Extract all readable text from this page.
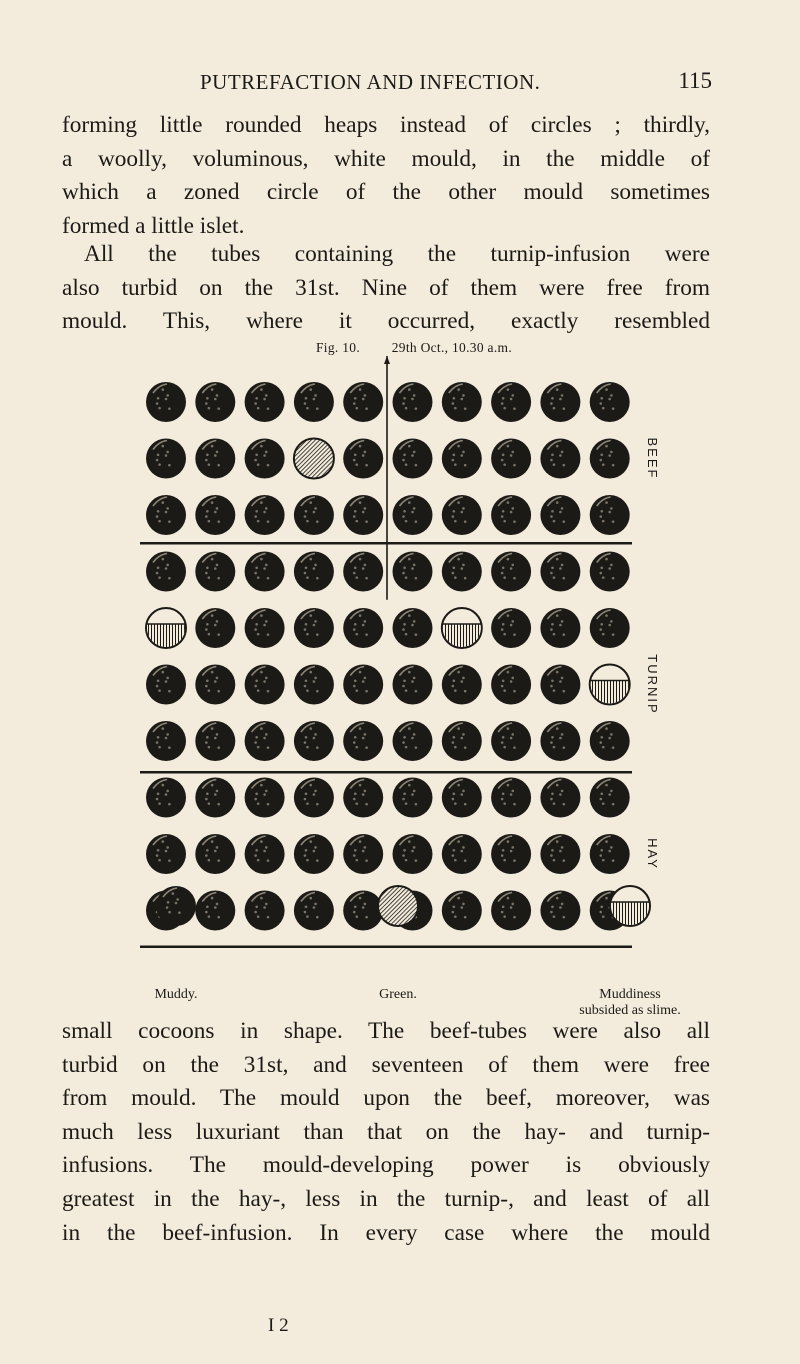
PUTREFACTION AND INFECTION.	115

forming little rounded heaps instead of circles ; thirdly,
a woolly, voluminous, white mould, in the middle of
which a zoned circle of the other mould sometimes
formed a little islet.

All the tubes containing the turnip-infusion were
also turbid on the 31st. Nine of them were free from
mould. This, where it occurred, exactly resembled

Fig. 10. 29th Oct., 10.30 a.m.
BEEF
TURNIP
HAY
Muddy.	Green.	Muddiness
subsided as slime.

small cocoons in shape. The beef-tubes were also all
turbid on the 31st, and seventeen of them were free
from mould. The mould upon the beef, moreover, was
much less luxuriant than that on the hay- and turnip-
infusions. The mould-developing power is obviously
greatest in the hay-, less in the turnip-, and least of all
in the beef-infusion. In every case where the mould

I 2
